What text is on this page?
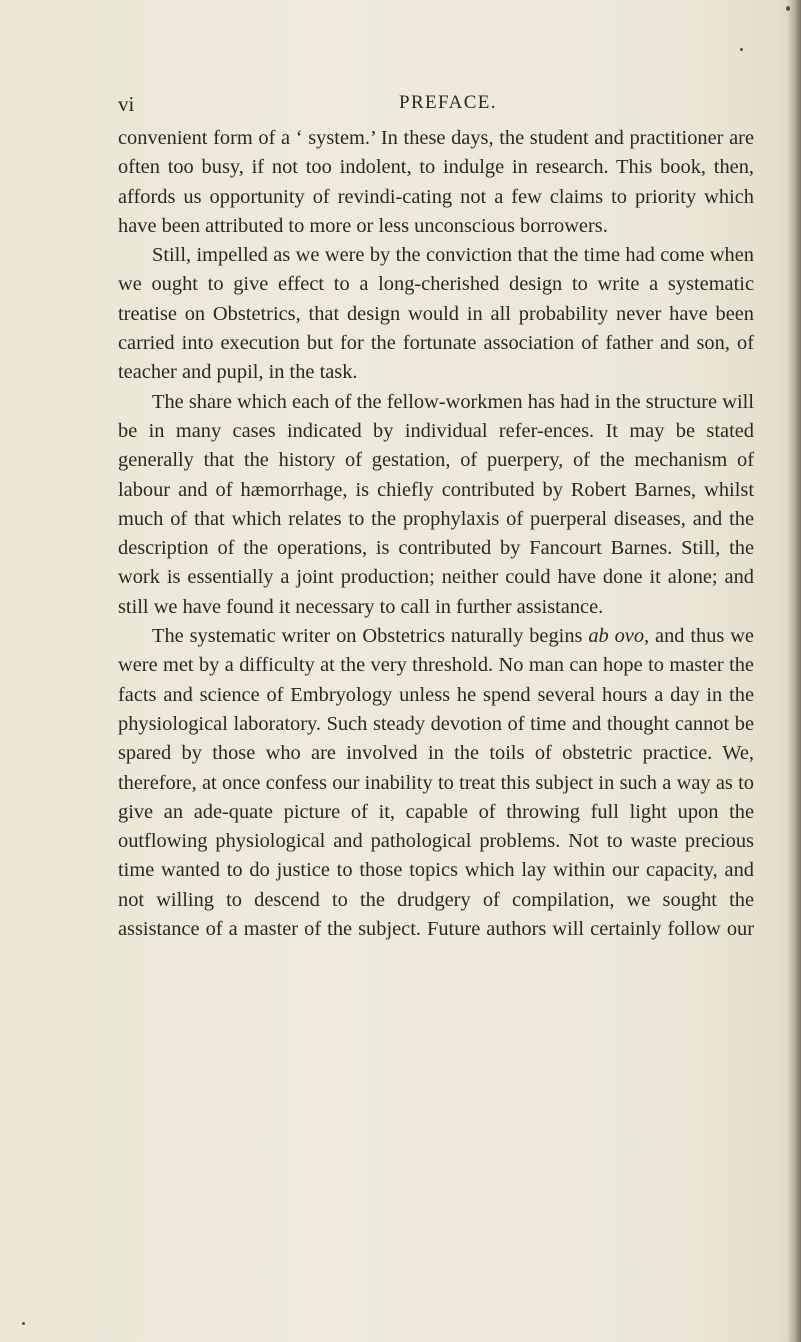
vi	PREFACE.

convenient form of a ‘ system.’ In these days, the student and practitioner are often too busy, if not too indolent, to indulge in research. This book, then, affords us opportunity of revindi-cating not a few claims to priority which have been attributed to more or less unconscious borrowers.

Still, impelled as we were by the conviction that the time had come when we ought to give effect to a long-cherished design to write a systematic treatise on Obstetrics, that design would in all probability never have been carried into execution but for the fortunate association of father and son, of teacher and pupil, in the task.

The share which each of the fellow-workmen has had in the structure will be in many cases indicated by individual refer-ences. It may be stated generally that the history of gestation, of puerpery, of the mechanism of labour and of hæmorrhage, is chiefly contributed by Robert Barnes, whilst much of that which relates to the prophylaxis of puerperal diseases, and the description of the operations, is contributed by Fancourt Barnes. Still, the work is essentially a joint production; neither could have done it alone; and still we have found it necessary to call in further assistance.

The systematic writer on Obstetrics naturally begins ab ovo, and thus we were met by a difficulty at the very threshold. No man can hope to master the facts and science of Embryology unless he spend several hours a day in the physiological laboratory. Such steady devotion of time and thought cannot be spared by those who are involved in the toils of obstetric practice. We, therefore, at once confess our inability to treat this subject in such a way as to give an ade-quate picture of it, capable of throwing full light upon the outflowing physiological and pathological problems. Not to waste precious time wanted to do justice to those topics which lay within our capacity, and not willing to descend to the drudgery of compilation, we sought the assistance of a master of the subject. Future authors will certainly follow our
